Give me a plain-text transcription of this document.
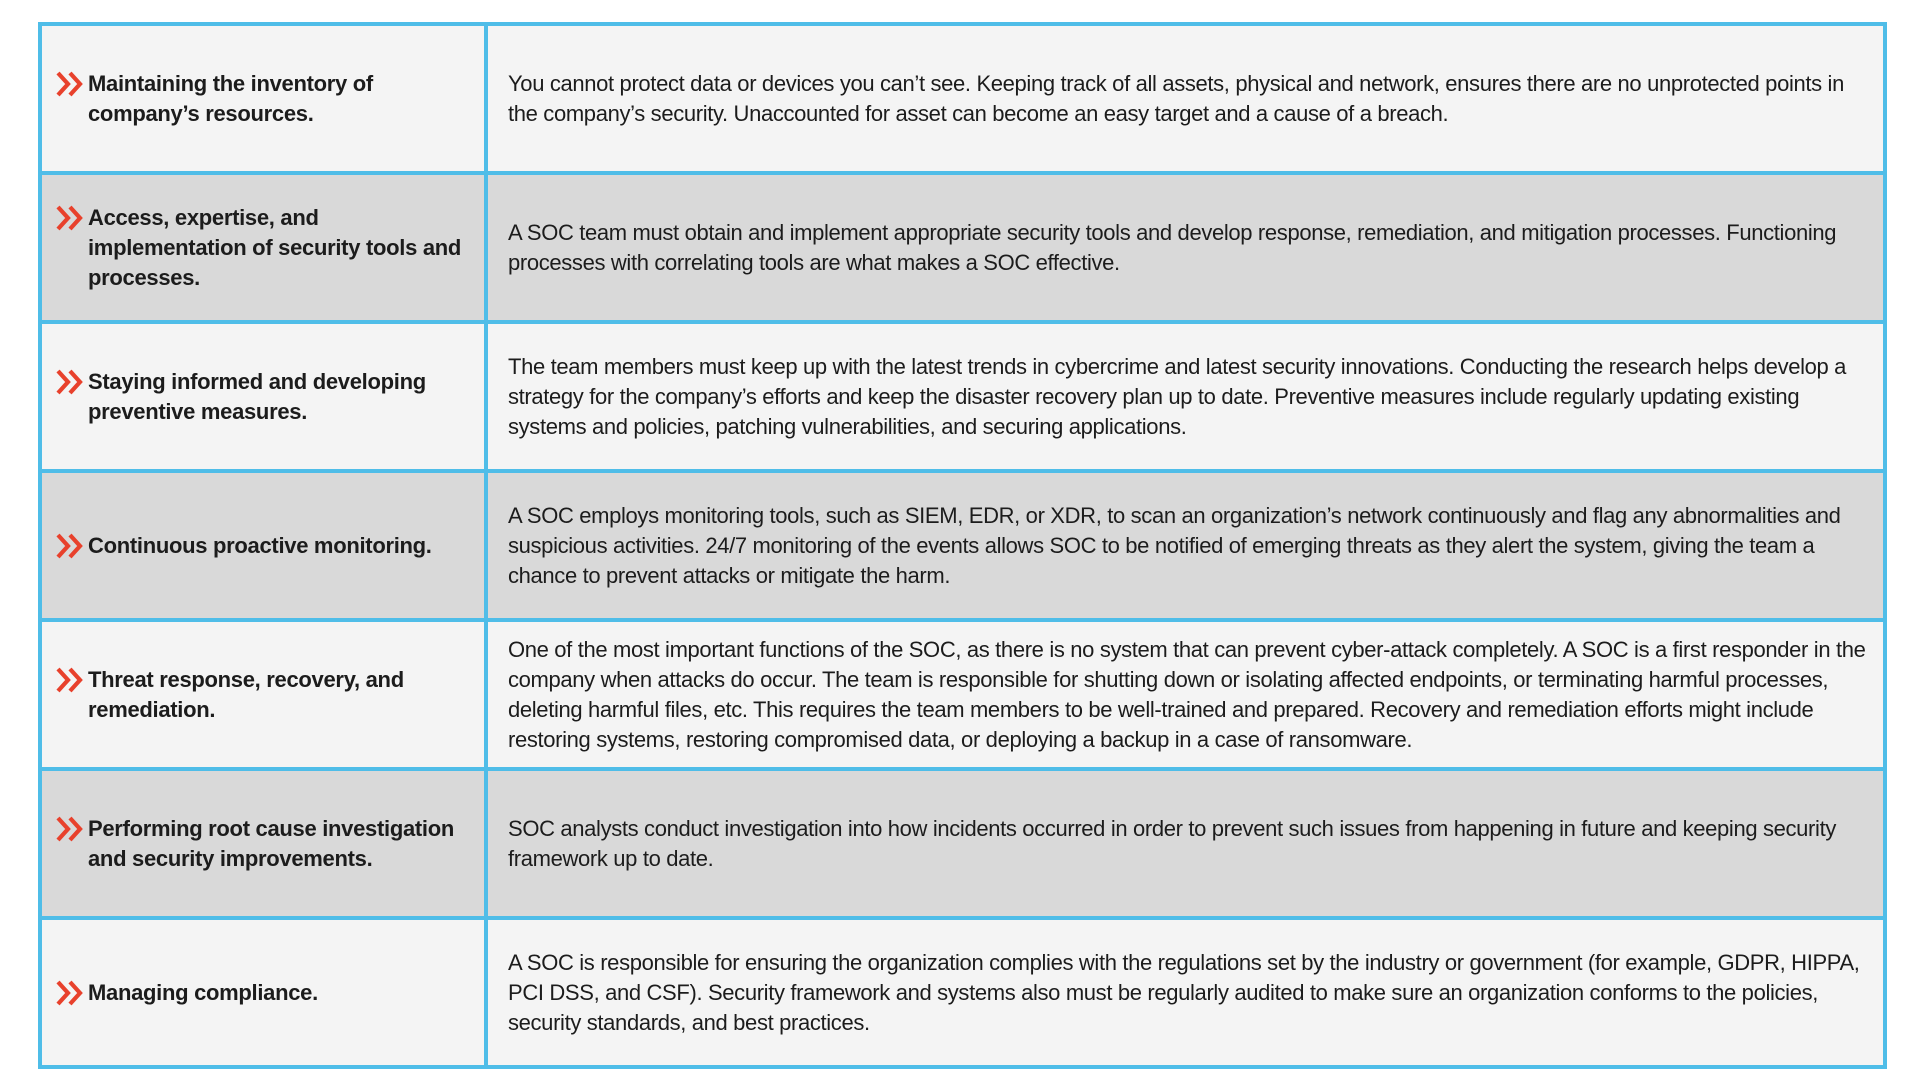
Maintaining the inventory of company’s resources.	You cannot protect data or devices you can’t see. Keeping track of all assets, physical and network, ensures there are no unprotected points in the company’s security. Unaccounted for asset can become an easy target and a cause of a breach.

Access, expertise, and implementation of security tools and processes.	A SOC team must obtain and implement appropriate security tools and develop response, remediation, and mitigation processes. Functioning processes with correlating tools are what makes a SOC effective.

Staying informed and developing preventive measures.	The team members must keep up with the latest trends in cybercrime and latest security innovations. Conducting the research helps develop a strategy for the company’s efforts and keep the disaster recovery plan up to date. Preventive measures include regularly updating existing systems and policies, patching vulnerabilities, and securing applications.

Continuous proactive monitoring.	A SOC employs monitoring tools, such as SIEM, EDR, or XDR, to scan an organization’s network continuously and flag any abnormalities and suspicious activities. 24/7 monitoring of the events allows SOC to be notified of emerging threats as they alert the system, giving the team a chance to prevent attacks or mitigate the harm.

Threat response, recovery, and remediation.	One of the most important functions of the SOC, as there is no system that can prevent cyber-attack completely. A SOC is a first responder in the company when attacks do occur. The team is responsible for shutting down or isolating affected endpoints, or terminating harmful processes, deleting harmful files, etc. This requires the team members to be well-trained and prepared. Recovery and remediation efforts might include restoring systems, restoring compromised data, or deploying a backup in a case of ransomware.

Performing root cause investigation and security improvements.	SOC analysts conduct investigation into how incidents occurred in order to prevent such issues from happening in future and keeping security framework up to date.

Managing compliance.	A SOC is responsible for ensuring the organization complies with the regulations set by the industry or government (for example, GDPR, HIPPA, PCI DSS, and CSF). Security framework and systems also must be regularly audited to make sure an organization conforms to the policies, security standards, and best practices.
